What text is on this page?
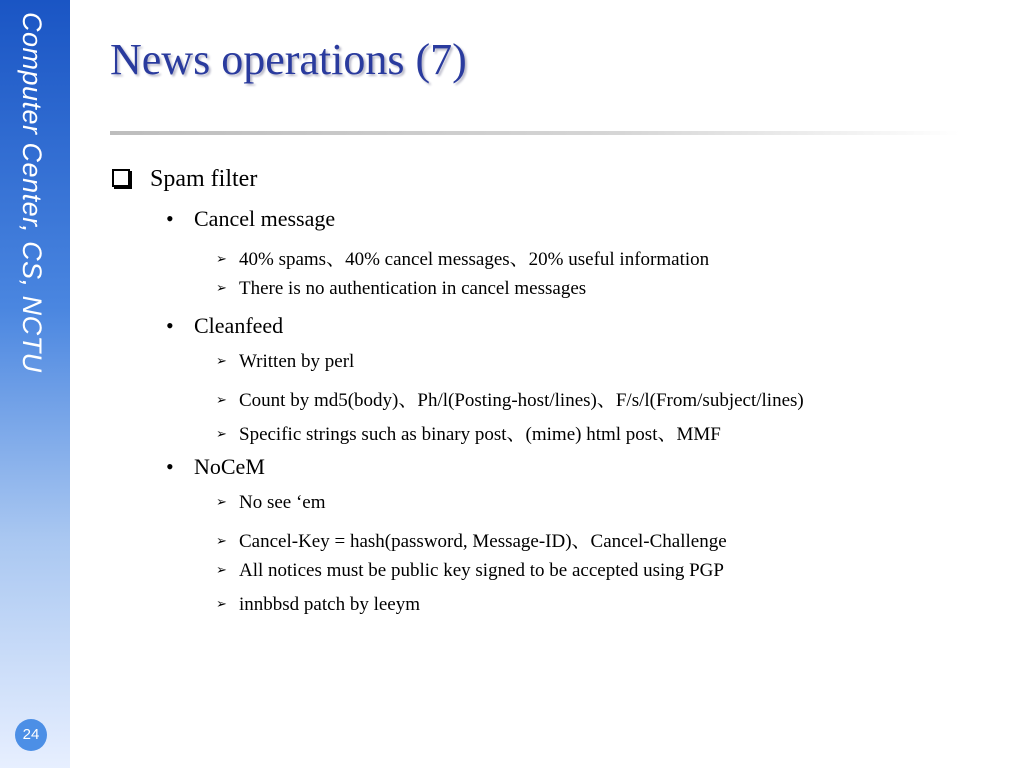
Computer Center, CS, NCTU
24
News operations (7)
Spam filter
• Cancel message
➢ 40% spams、40% cancel messages、20% useful information
➢ There is no authentication in cancel messages
• Cleanfeed
➢ Written by perl
➢ Count by md5(body)、Ph/l(Posting-host/lines)、F/s/l(From/subject/lines)
➢ Specific strings such as binary post、(mime) html post、MMF
• NoCeM
➢ No see ‘em
➢ Cancel-Key = hash(password, Message-ID)、Cancel-Challenge
➢ All notices must be public key signed to be accepted using PGP
➢ innbbsd patch by leeym
